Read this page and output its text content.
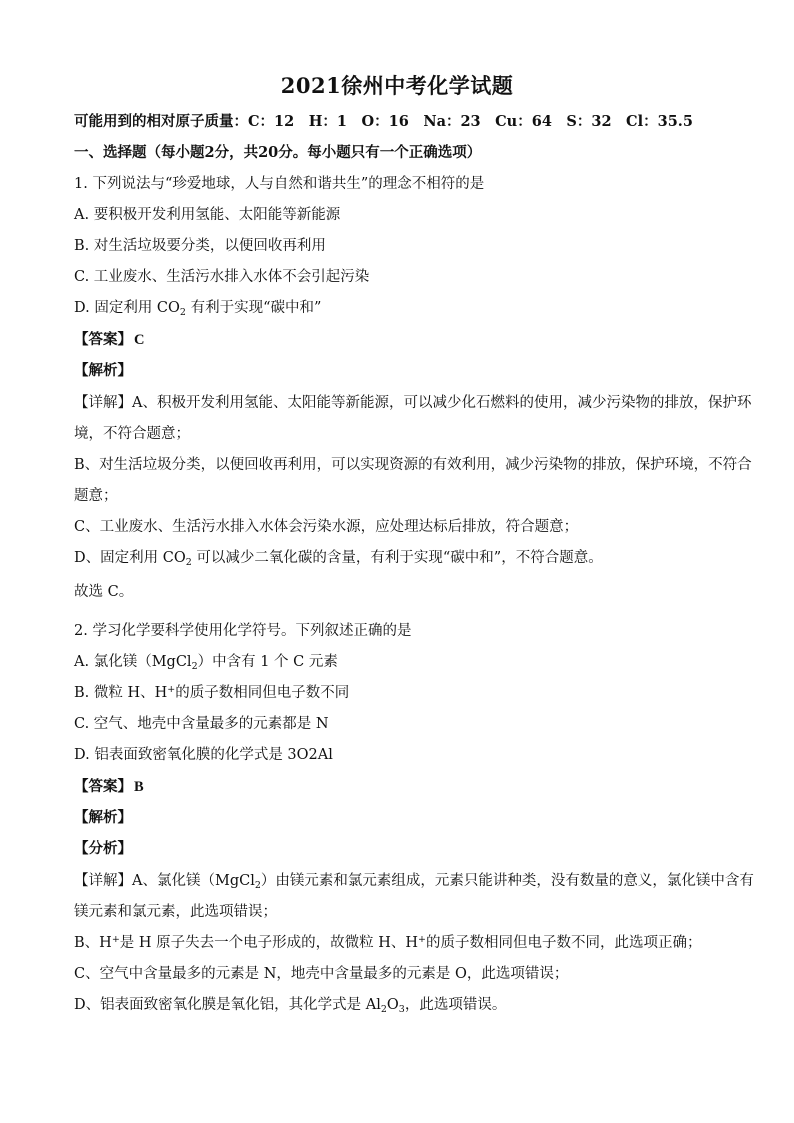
2021徐州中考化学试题
可能用到的相对原子质量：C：12　H：1　O：16　Na：23　Cu：64　S：32　Cl：35.5
一、选择题（每小题2分，共20分。每小题只有一个正确选项）
1. 下列说法与“珍爱地球，人与自然和谐共生”的理念不相符的是
A. 要积极开发利用氢能、太阳能等新能源
B. 对生活垃圾要分类，以便回收再利用
C. 工业废水、生活污水排入水体不会引起污染
D. 固定利用 $CO_2$ 有利于实现“碳中和”
【答案】 C
【解析】
【详解】A、积极开发利用氢能、太阳能等新能源，可以减少化石燃料的使用，减少污染物的排放，保护环
境，不符合题意；
B、对生活垃圾分类，以便回收再利用，可以实现资源的有效利用，减少污染物的排放，保护环境，不符合
题意；
C、工业废水、生活污水排入水体会污染水源，应处理达标后排放，符合题意；
D、固定利用 $CO_2$ 可以减少二氧化碳的含量，有利于实现“碳中和”，不符合题意。
故选 C。
2. 学习化学要科学使用化学符号。下列叙述正确的是
A. 氯化镁（MgCl$_2$）中含有 1 个 C 元素
B. 微粒 H、H+的质子数相同但电子数不同
C. 空气、地壳中含量最多的元素都是 N
D. 铝表面致密氧化膜的化学式是 3O2Al
【答案】 B
【解析】
【分析】
【详解】A、氯化镁（MgCl$_2$）由镁元素和氯元素组成，元素只能讲种类，没有数量的意义，氯化镁中含有
镁元素和氯元素，此选项错误；
B、H+是 H 原子失去一个电子形成的，故微粒 H、H+的质子数相同但电子数不同，此选项正确；
C、空气中含量最多的元素是 N，地壳中含量最多的元素是 O，此选项错误；
D、铝表面致密氧化膜是氧化铝，其化学式是 $Al_2O_3$，此选项错误。
